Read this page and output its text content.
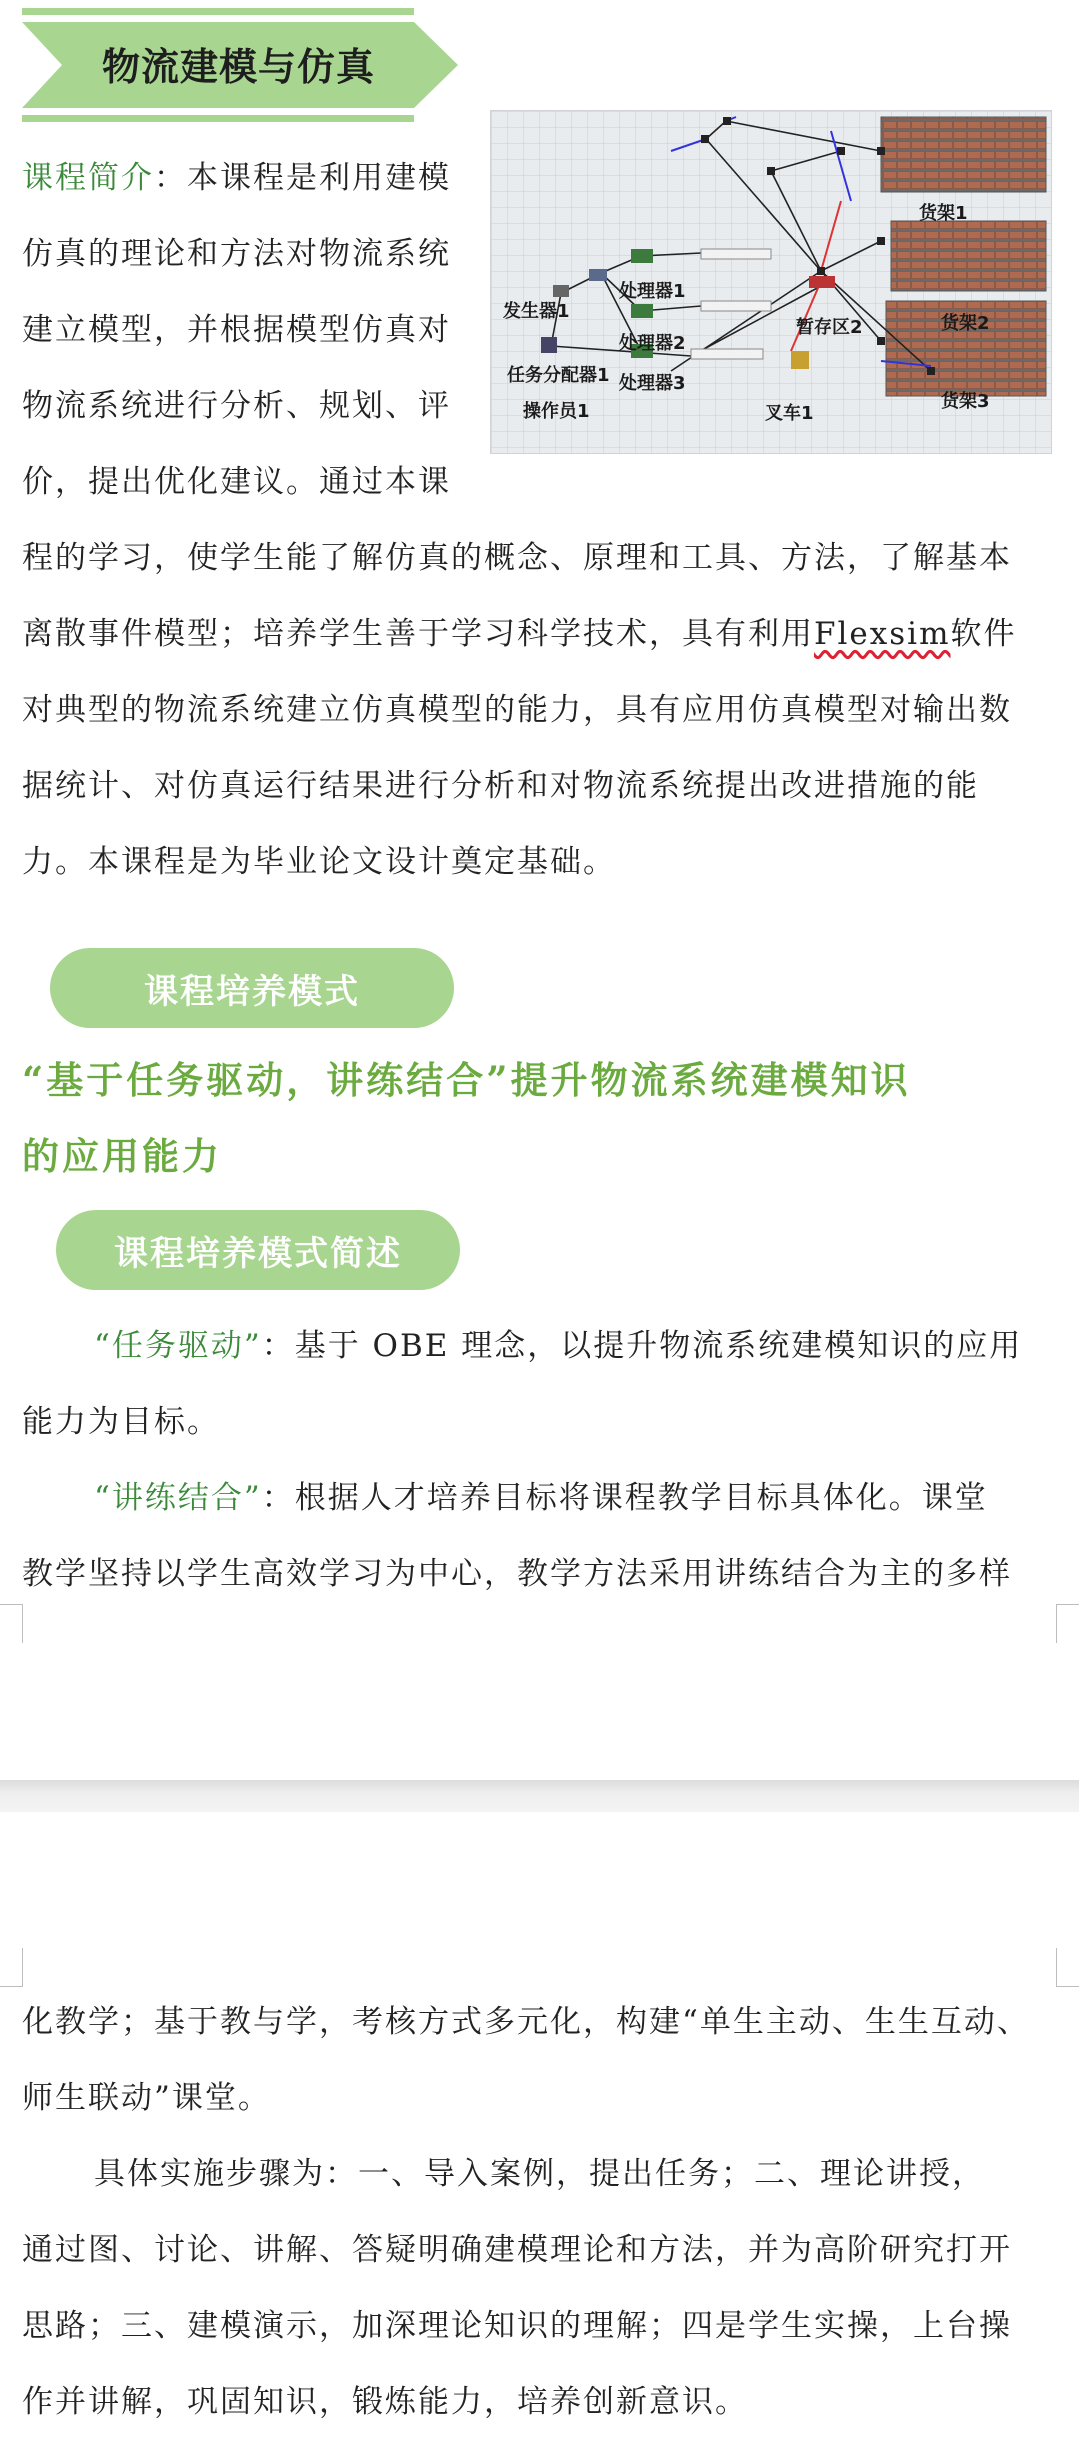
物流建模与仿真
发生器1
任务分配器1
操作员1
处理器1
处理器2
处理器3
暂存区2
叉车1
货架1
货架2
货架3
课程简介：本课程是利用建模
仿真的理论和方法对物流系统
建立模型，并根据模型仿真对
物流系统进行分析、规划、评
价，提出优化建议。通过本课
程的学习，使学生能了解仿真的概念、原理和工具、方法，了解基本
离散事件模型；培养学生善于学习科学技术，具有利用Flexsim软件
对典型的物流系统建立仿真模型的能力，具有应用仿真模型对输出数
据统计、对仿真运行结果进行分析和对物流系统提出改进措施的能
力。本课程是为毕业论文设计奠定基础。
课程培养模式
“基于任务驱动，讲练结合”提升物流系统建模知识
的应用能力
课程培养模式简述
“任务驱动”：基于 OBE 理念，以提升物流系统建模知识的应用
能力为目标。
“讲练结合”：根据人才培养目标将课程教学目标具体化。课堂
教学坚持以学生高效学习为中心，教学方法采用讲练结合为主的多样
化教学；基于教与学，考核方式多元化，构建“单生主动、生生互动、
师生联动”课堂。
具体实施步骤为：一、导入案例，提出任务；二、理论讲授，
通过图、讨论、讲解、答疑明确建模理论和方法，并为高阶研究打开
思路；三、建模演示，加深理论知识的理解；四是学生实操，上台操
作并讲解，巩固知识，锻炼能力，培养创新意识。
